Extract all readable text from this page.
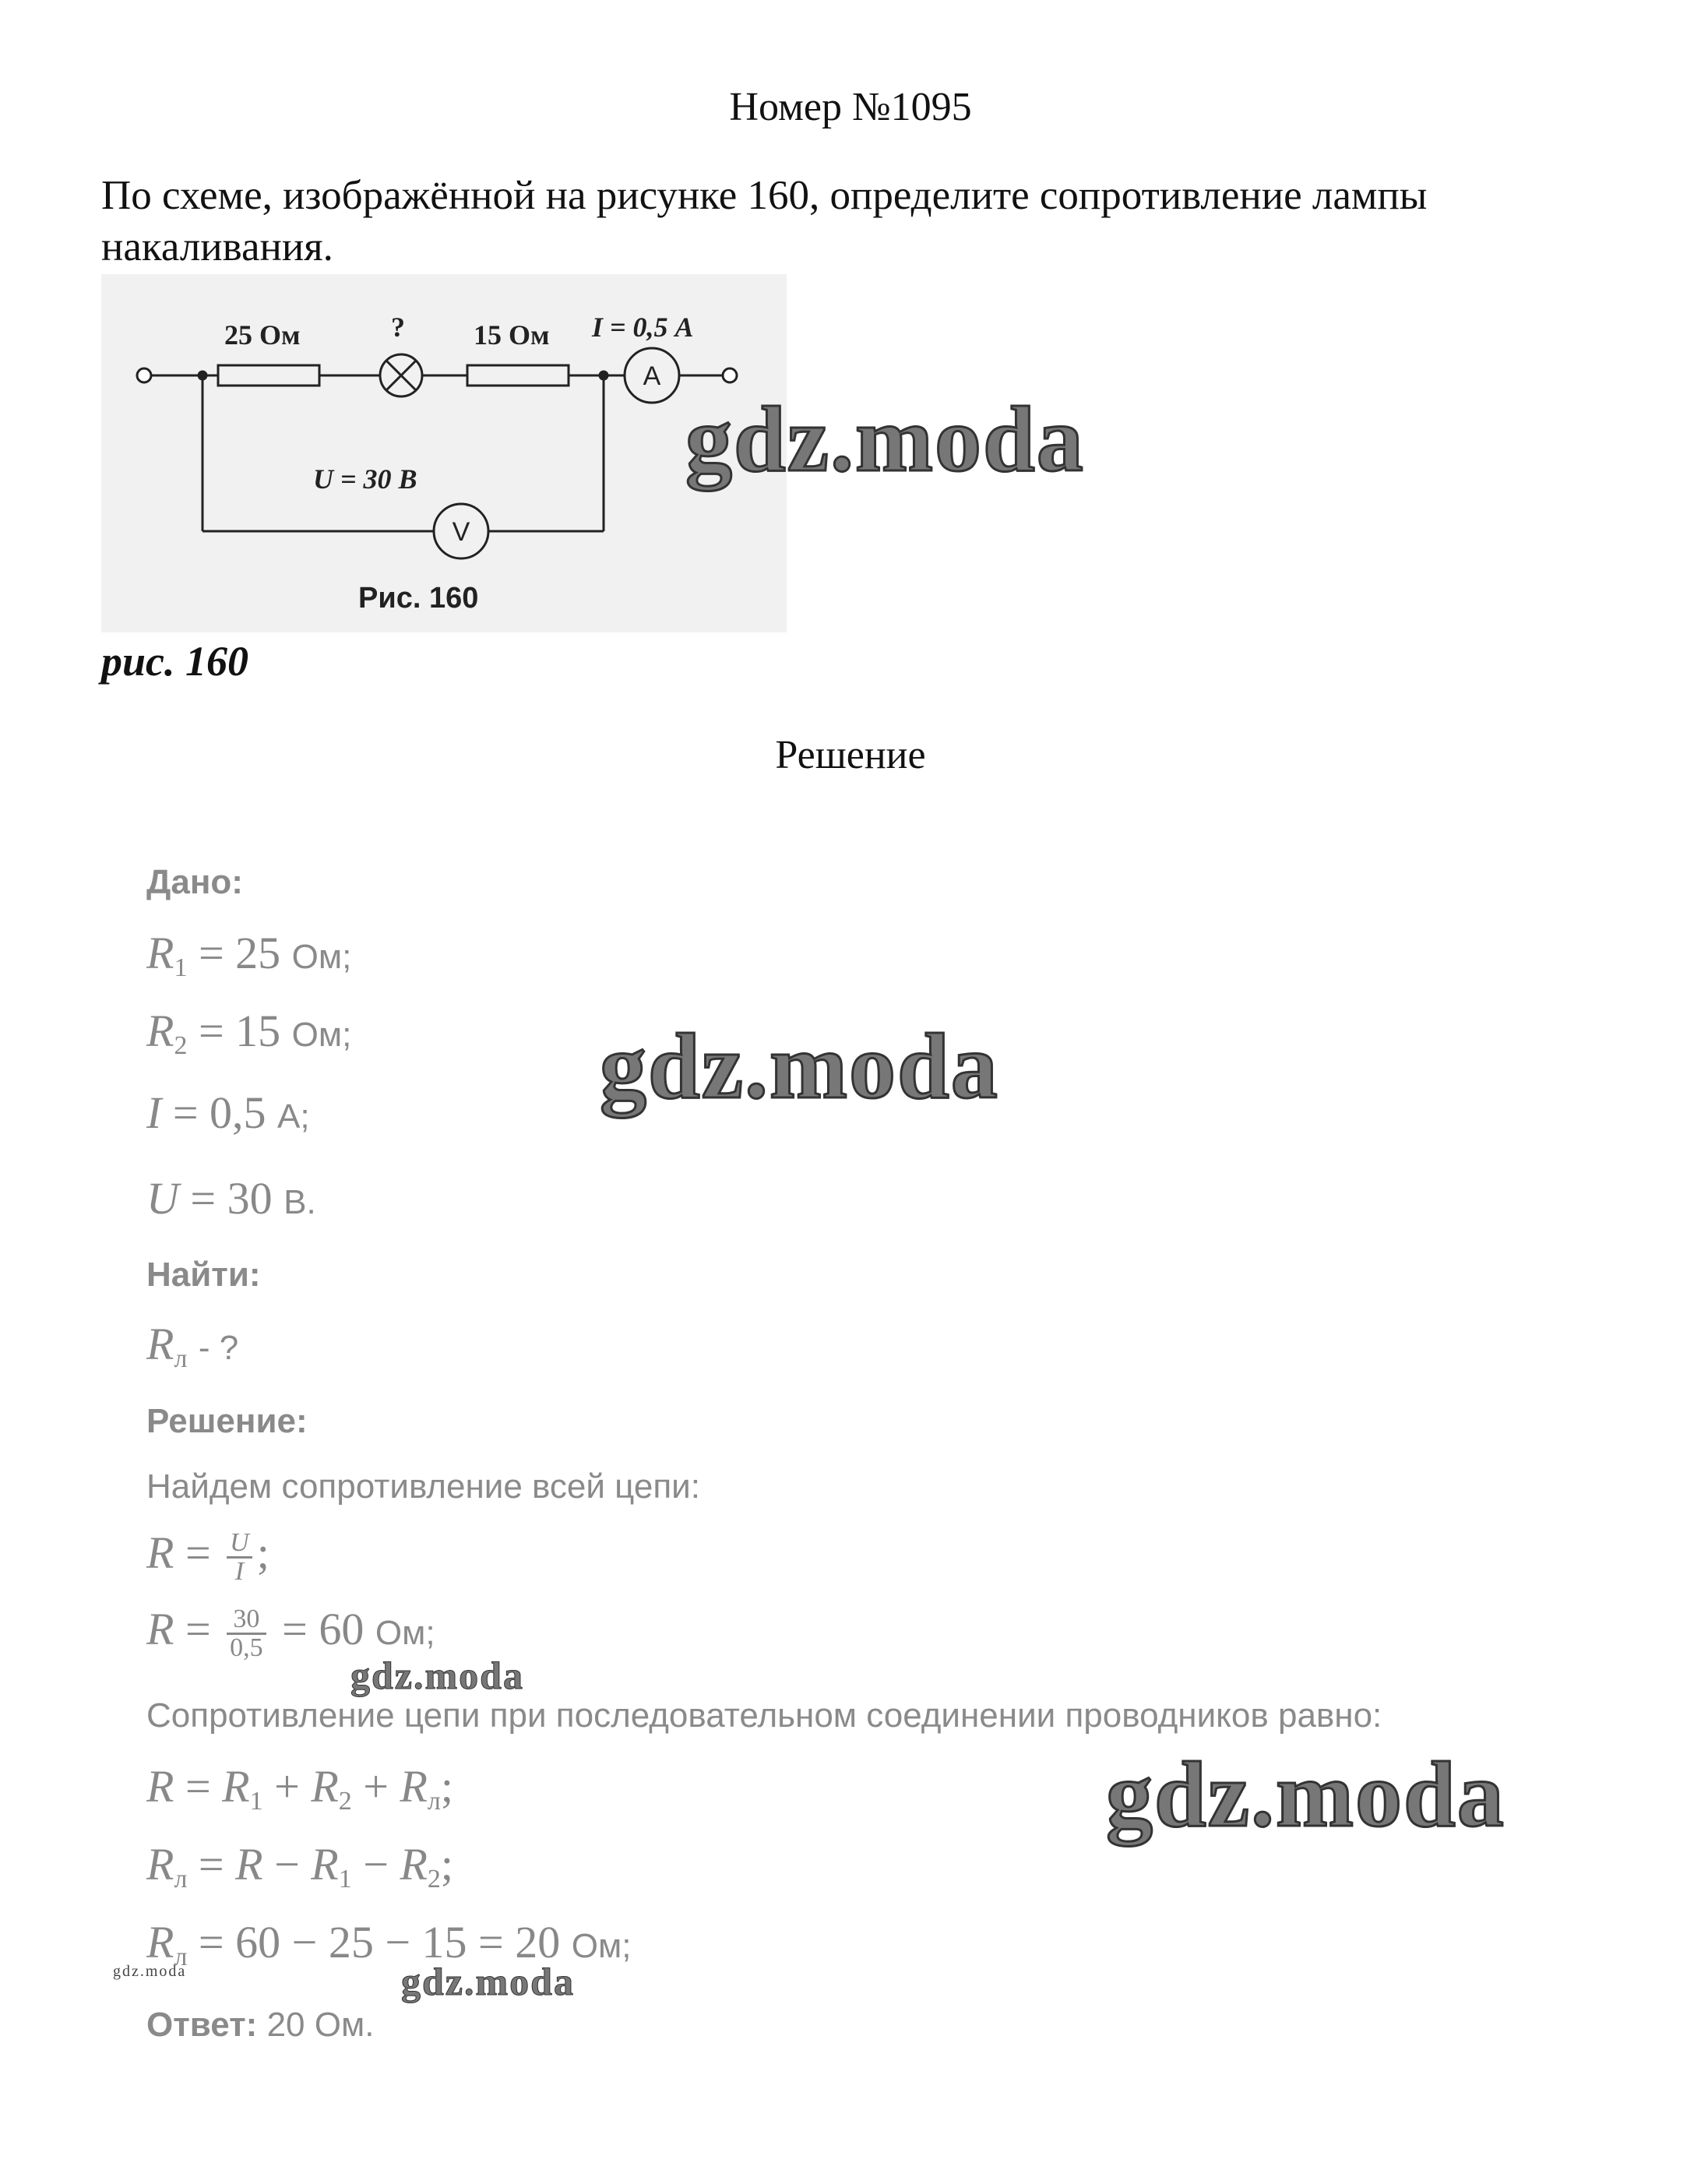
Номер №1095
По схеме, изображённой на рисунке 160, определите сопротивление лампы накаливания.
25 Ом	? 15 Ом I = 0,5 А
U = 30 В
A
V
Рис. 160
gdz.moda
рис. 160
Решение
Дано:
$R_1 = 25$ Ом;
$R_2 = 15$ Ом;
I = 0,5 А;
U = 30 В.
gdz.moda
Найти:
$R_л$ - ?
Решение:
Найдем сопротивление всей цепи:
$R = \frac{U}{I}$ ;
$R = \frac{30}{0,5} = 60$ Ом;
gdz.moda
Сопротивление цепи при последовательном соединении проводников равно:
$R = R_1 + R_2 + R_л$;
$R_л = R - R_1 - R_2$;
$R_л = 60 - 25 - 15 = 20$ Ом;
gdz.moda
gdz.moda	gdz.moda
Ответ: 20 Ом.
